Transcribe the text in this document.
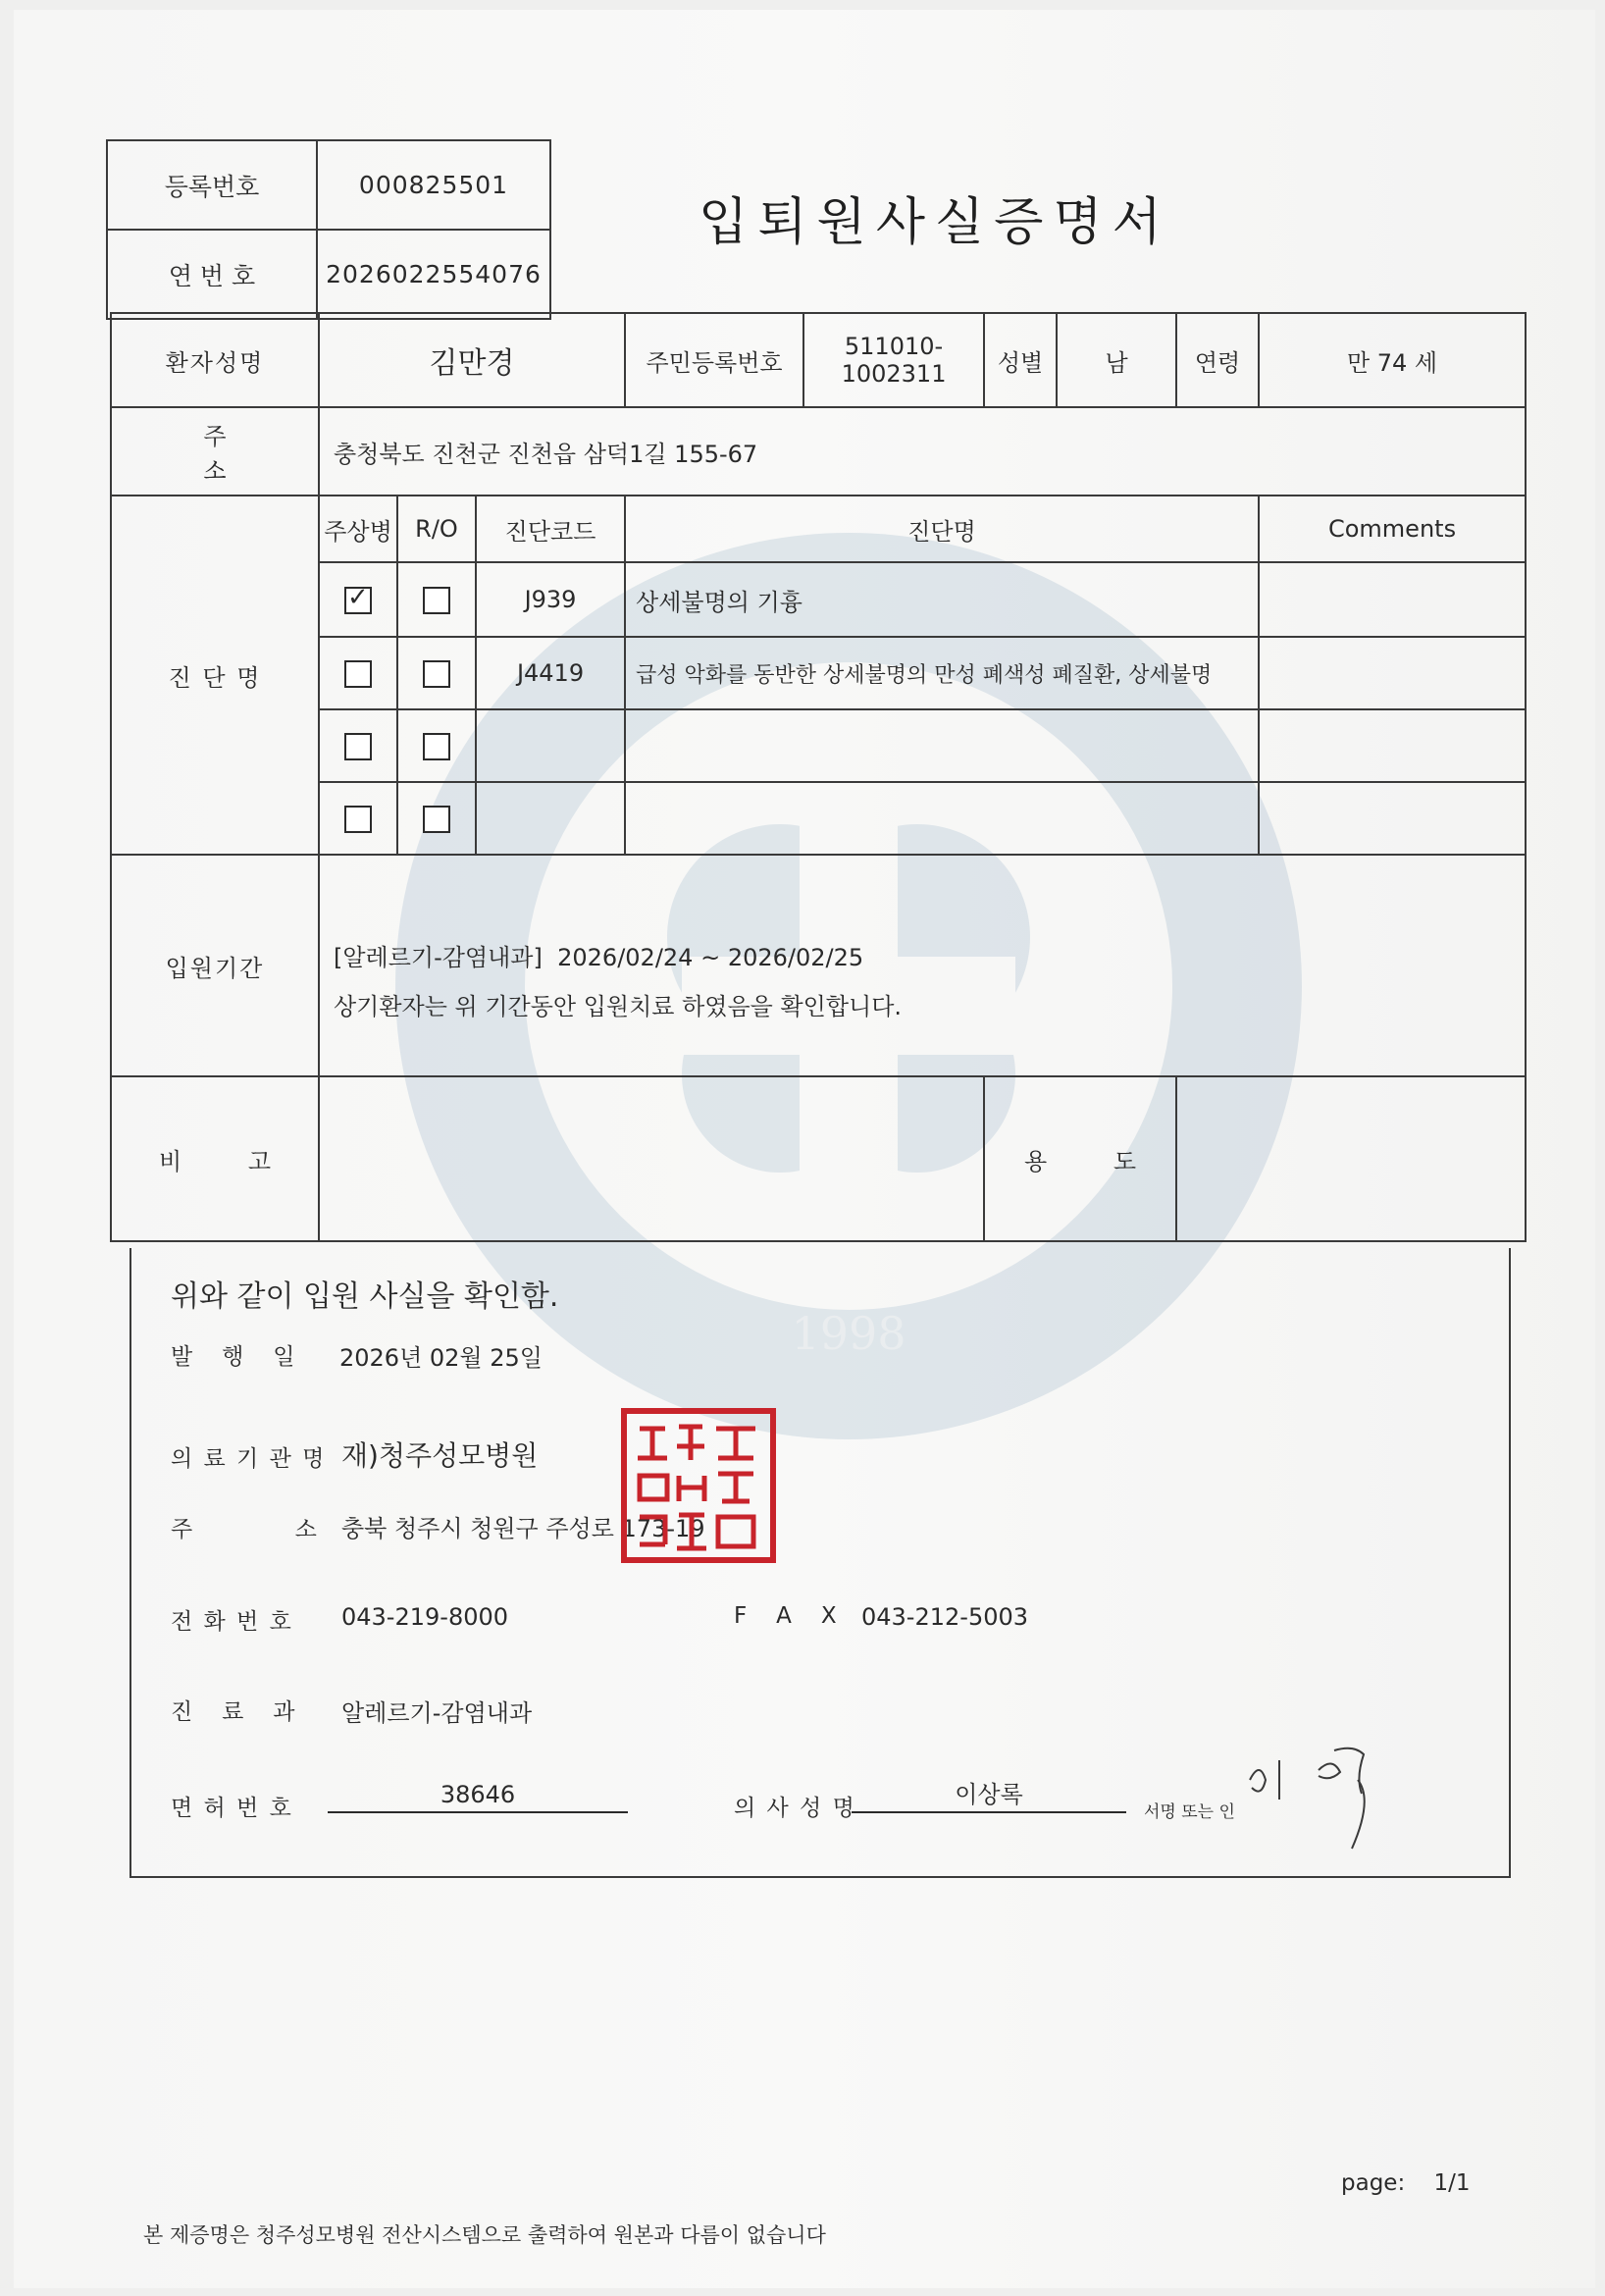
입퇴원사실증명서
등록번호	000825501
연 번 호	2026022554076
환자성명	김만경			주민등록번호	511010-1002311	성별	남	연령	만 74 세
주 소	충청북도 진천군 진천읍 삼덕1길 155-67								
진 단 명	주상병	R/O	진단코드	진단명					Comments

	✓		J939	상세불명의 기흉					
			J4419	급성 악화를 동반한 상세불명의 만성 폐색성 폐질환, 상세불명					

입원기간	[알레르기-감염내과] 2026/02/24 ~ 2026/02/25
상기환자는 위 기간동안 입원치료 하였음을 확인합니다.								

비 고						용 도			
위와 같이 입원 사실을 확인함.
발   행   일 2026년 02월 25일
의 료 기 관 명 재)청주성모병원
주           소 충북 청주시 청원구 주성로 173-19
전 화 번 호 043-219-8000	F   A   X 043-212-5003
진   료   과 알레르기-감염내과
면 허 번 호	38646	의 사 성 명	이상록
서명 또는 인
page: 1/1
본 제증명은 청주성모병원 전산시스템으로 출력하여 원본과 다름이 없습니다
